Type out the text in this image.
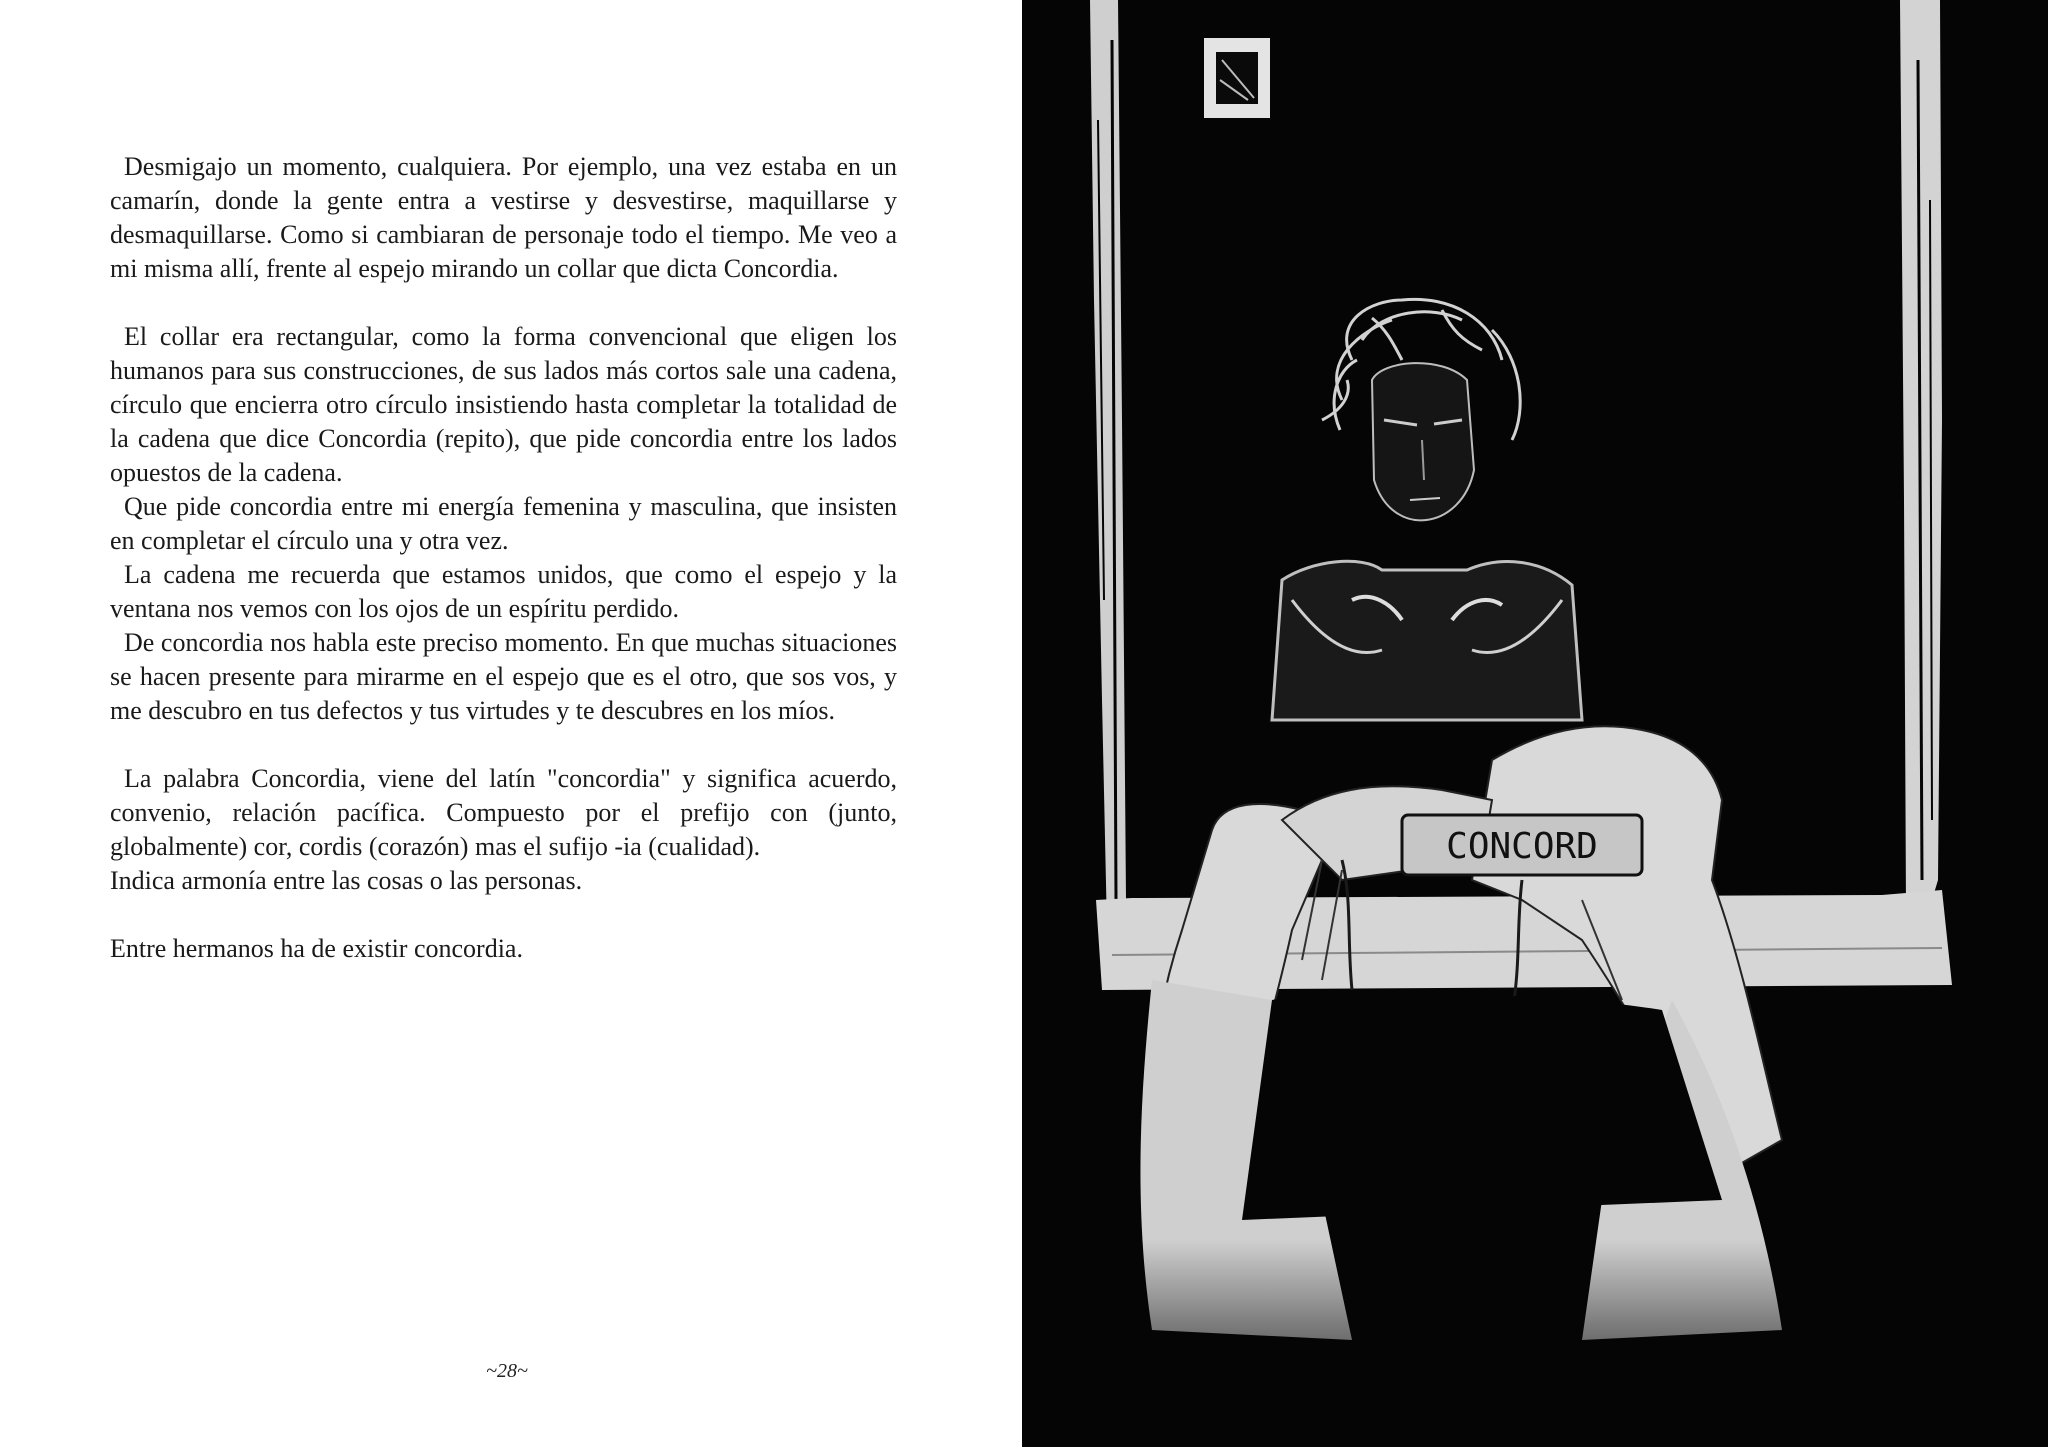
Desmigajo un momento, cualquiera. Por ejemplo, una vez estaba en un camarín, donde la gente entra a vestirse y desvestirse, maquillarse y desmaquillarse. Como si cambiaran de personaje todo el tiempo. Me veo a mi misma allí, frente al espejo mirando un collar que dicta Concordia.

El collar era rectangular, como la forma convencional que eligen los humanos para sus construcciones, de sus lados más cortos sale una cadena, círculo que encierra otro círculo insistiendo hasta completar la totalidad de la cadena que dice Concordia (repito), que pide concordia entre los lados opuestos de la cadena.

Que pide concordia entre mi energía femenina y masculina, que insisten en completar el círculo una y otra vez.

La cadena me recuerda que estamos unidos, que como el espejo y la ventana nos vemos con los ojos de un espíritu perdido.

De concordia nos habla este preciso momento. En que muchas situaciones se hacen presente para mirarme en el espejo que es el otro, que sos vos, y me descubro en tus defectos y tus virtudes y te descubres en los míos.

La palabra Concordia, viene del latín "concordia" y significa acuerdo, convenio, relación pacífica. Compuesto por el prefijo con (junto, globalmente) cor, cordis (corazón) mas el sufijo -ia (cualidad).

Indica armonía entre las cosas o las personas.

Entre hermanos ha de existir concordia.

~28~
CONCORD
